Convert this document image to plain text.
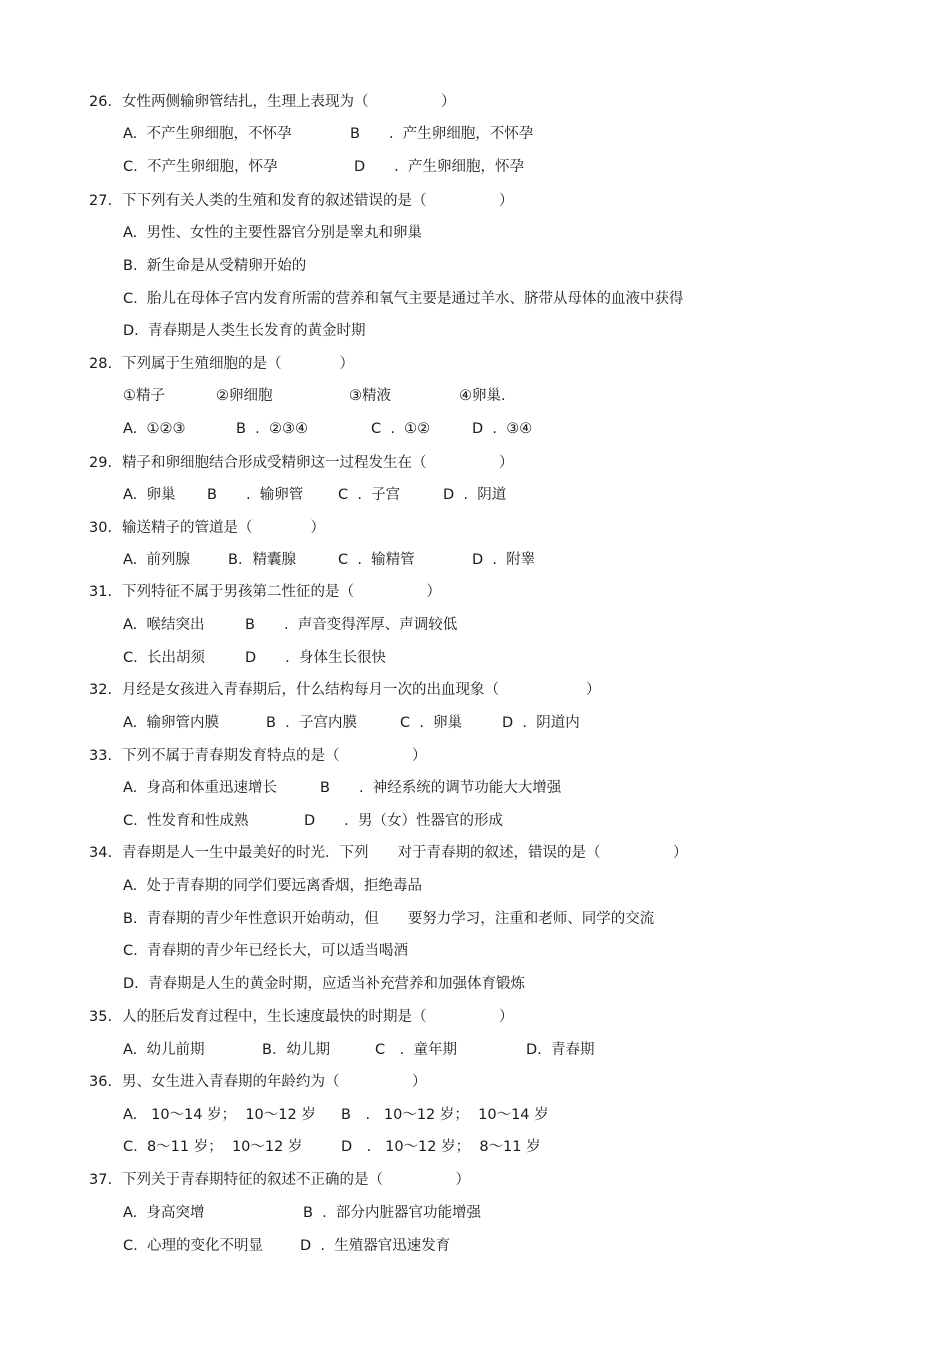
26. 女性两侧输卵管结扎，生理上表现为（　　　　　）
A.  不产生卵细胞，不怀孕	B　　.  产生卵细胞，不怀孕
C.  不产生卵细胞，怀孕	D　　.  产生卵细胞，怀孕
27. 下下列有关人类的生殖和发育的叙述错误的是（　　　　　）
A.  男性、女性的主要性器官分别是睾丸和卵巢
B.  新生命是从受精卵开始的
C.  胎儿在母体子宫内发育所需的营养和氧气主要是通过羊水、脐带从母体的血液中获得
D.  青春期是人类生长发育的黄金时期
28. 下列属于生殖细胞的是（　　　　）
①精子	②卵细胞	③精液	④卵巢.
A.  ①②③	B  .  ②③④	C  .  ①②	D  .  ③④
29. 精子和卵细胞结合形成受精卵这一过程发生在（　　　　　）
A.  卵巢 B　　.  输卵管 C  .  子宫	D  .  阴道
30. 输送精子的管道是（　　　　）
A.  前列腺	B．精囊腺	C  .  输精管	D  .  附睾
31. 下列特征不属于男孩第二性征的是（　　　　　）
A.  喉结突出	B　　.  声音变得浑厚、声调较低
C.  长出胡须	D　　.  身体生长很快
32. 月经是女孩进入青春期后，什么结构每月一次的出血现象（　　　　　　）
A.  输卵管内膜	B  .  子宫内膜	C  .  卵巢	D  .  阴道内
33. 下列不属于青春期发育特点的是（　　　　　）
A.  身高和体重迅速增长	B　　.  神经系统的调节功能大大增强
C.  性发育和性成熟	D　　.  男（女）性器官的形成
34. 青春期是人一生中最美好的时光．下列　　对于青春期的叙述，错误的是（　　　　　）
A.  处于青春期的同学们要远离香烟，拒绝毒品
B.  青春期的青少年性意识开始萌动，但　　要努力学习，注重和老师、同学的交流
C.  青春期的青少年已经长大，可以适当喝酒
D.  青春期是人生的黄金时期，应适当补充营养和加强体育锻炼
35. 人的胚后发育过程中，生长速度最快的时期是（　　　　　）
A.  幼儿前期	B．幼儿期	C　.  童年期	D.  青春期
36. 男、女生进入青春期的年龄约为（　　　　　）
A.   10～14 岁；  10～12 岁 B　.   10～12 岁；  10～14 岁
C.  8～11 岁；  10～12 岁	D　.   10～12 岁；  8～11 岁
37. 下列关于青春期特征的叙述不正确的是（　　　　　）
A.  身高突增	B  .  部分内脏器官功能增强
C.  心理的变化不明显	D  .  生殖器官迅速发育
